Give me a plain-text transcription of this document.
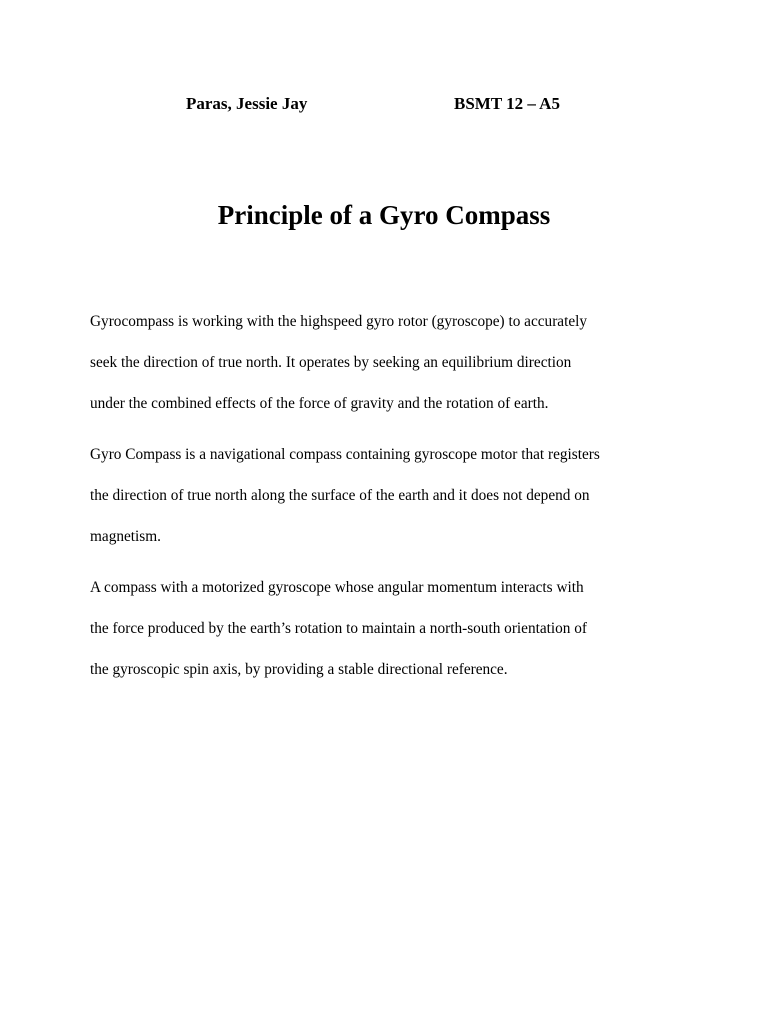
Paras, Jessie Jay	BSMT 12 – A5
Principle of a Gyro Compass

Gyrocompass is working with the highspeed gyro rotor (gyroscope) to accurately
seek the direction of true north. It operates by seeking an equilibrium direction
under the combined effects of the force of gravity and the rotation of earth.

Gyro Compass is a navigational compass containing gyroscope motor that registers
the direction of true north along the surface of the earth and it does not depend on
magnetism.

A compass with a motorized gyroscope whose angular momentum interacts with
the force produced by the earth’s rotation to maintain a north-south orientation of
the gyroscopic spin axis, by providing a stable directional reference.
